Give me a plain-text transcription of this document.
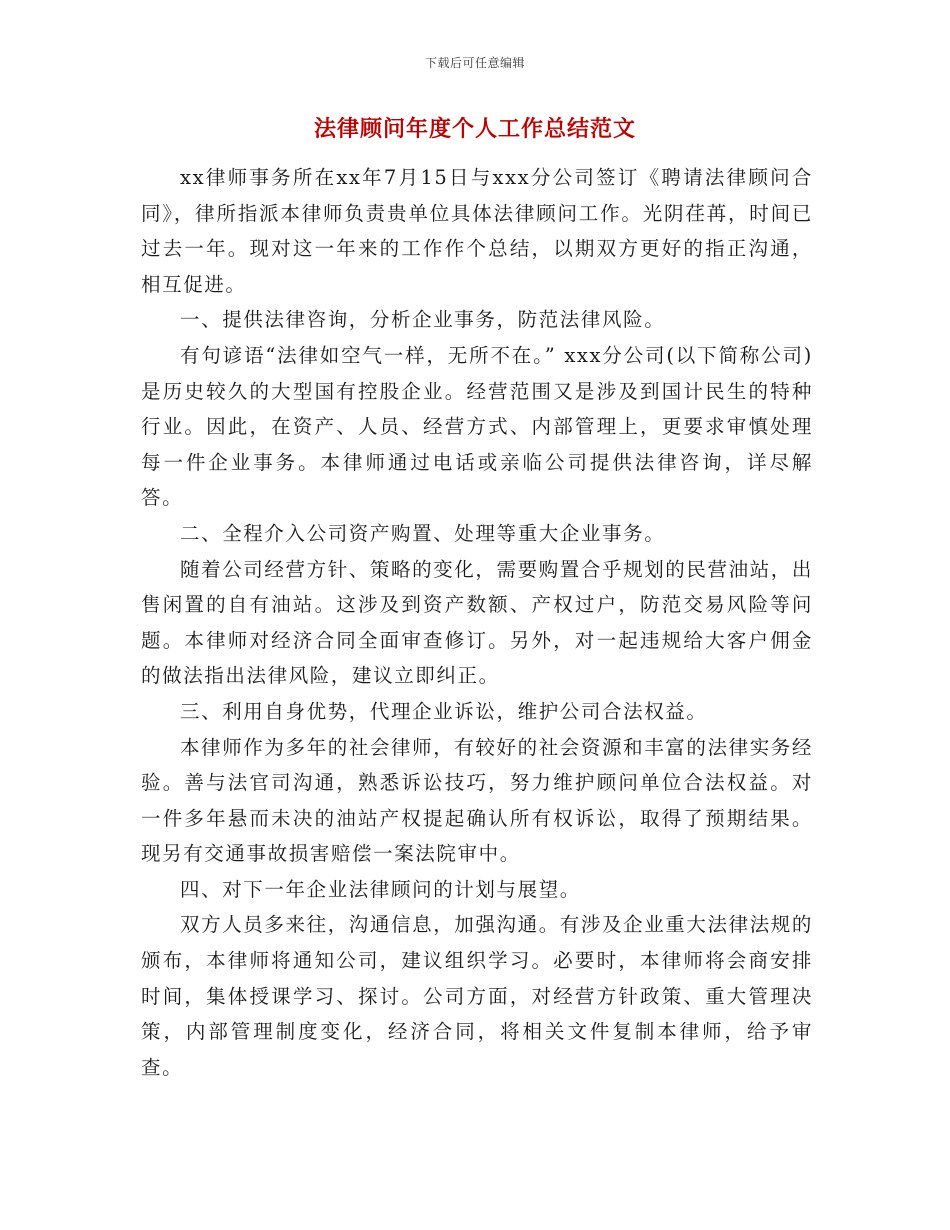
下载后可任意编辑
法律顾问年度个人工作总结范文

xx律师事务所在xx年7月15日与xxx分公司签订《聘请法律顾问合同》，律所指派本律师负责贵单位具体法律顾问工作。光阴荏苒，时间已过去一年。现对这一年来的工作作个总结，以期双方更好的指正沟通，相互促进。

一、提供法律咨询，分析企业事务，防范法律风险。

有句谚语“法律如空气一样，无所不在。” xxx分公司(以下简称公司)是历史较久的大型国有控股企业。经营范围又是涉及到国计民生的特种行业。因此，在资产、人员、经营方式、内部管理上，更要求审慎处理每一件企业事务。本律师通过电话或亲临公司提供法律咨询，详尽解答。

二、全程介入公司资产购置、处理等重大企业事务。

随着公司经营方针、策略的变化，需要购置合乎规划的民营油站，出售闲置的自有油站。这涉及到资产数额、产权过户，防范交易风险等问题。本律师对经济合同全面审查修订。另外，对一起违规给大客户佣金的做法指出法律风险，建议立即纠正。

三、利用自身优势，代理企业诉讼，维护公司合法权益。

本律师作为多年的社会律师，有较好的社会资源和丰富的法律实务经验。善与法官司沟通，熟悉诉讼技巧，努力维护顾问单位合法权益。对一件多年悬而未决的油站产权提起确认所有权诉讼，取得了预期结果。现另有交通事故损害赔偿一案法院审中。

四、对下一年企业法律顾问的计划与展望。

双方人员多来往，沟通信息，加强沟通。有涉及企业重大法律法规的颁布，本律师将通知公司，建议组织学习。必要时，本律师将会商安排时间，集体授课学习、探讨。公司方面，对经营方针政策、重大管理决策，内部管理制度变化，经济合同，将相关文件复制本律师，给予审查。
